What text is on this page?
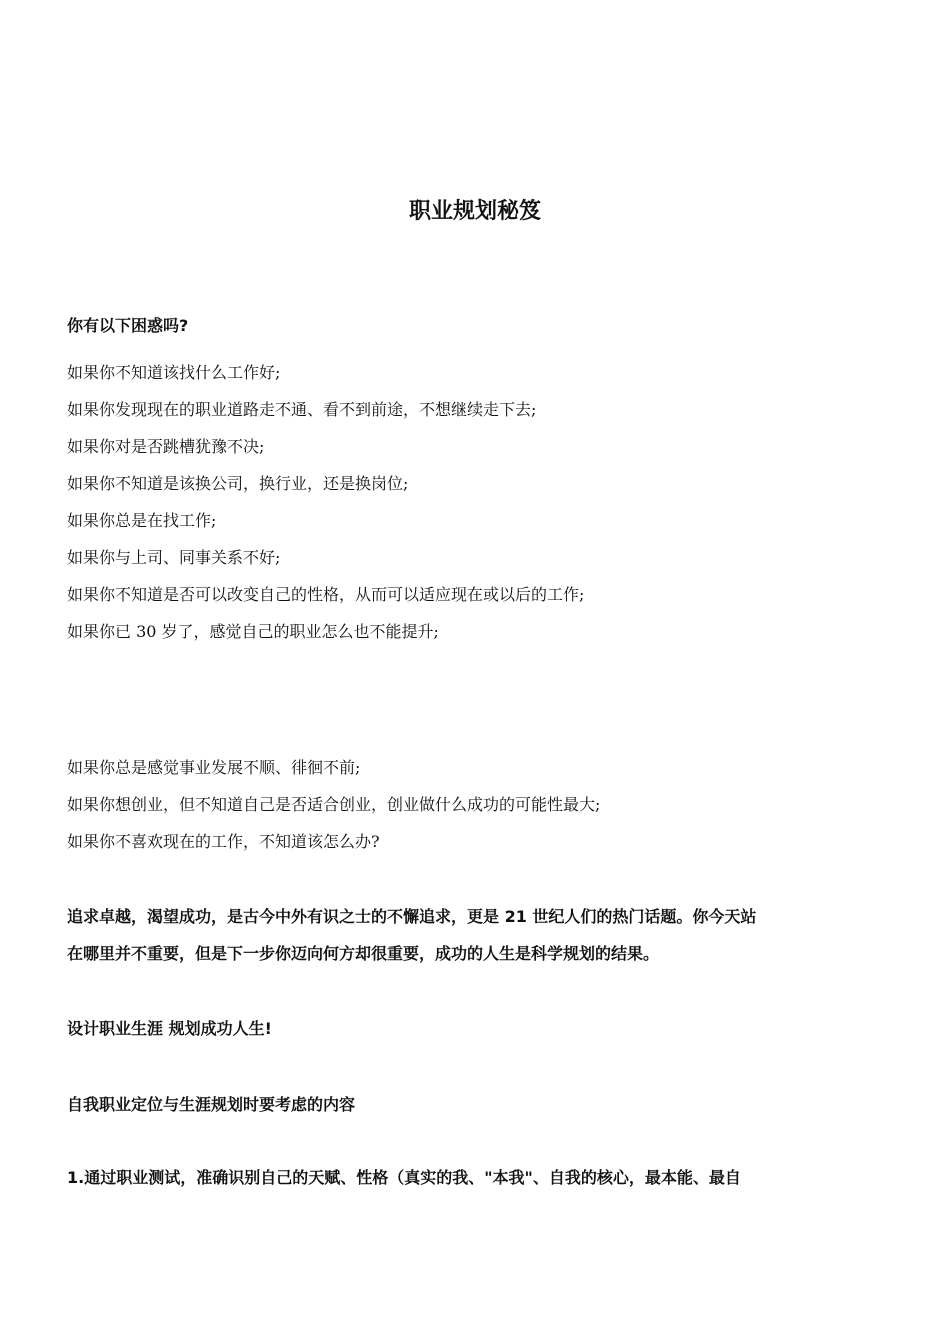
职业规划秘笈
你有以下困惑吗?
如果你不知道该找什么工作好;
如果你发现现在的职业道路走不通、看不到前途，不想继续走下去;
如果你对是否跳槽犹豫不决;
如果你不知道是该换公司，换行业，还是换岗位;
如果你总是在找工作;
如果你与上司、同事关系不好;
如果你不知道是否可以改变自己的性格，从而可以适应现在或以后的工作;
如果你已 30 岁了，感觉自己的职业怎么也不能提升;
如果你总是感觉事业发展不顺、徘徊不前;
如果你想创业，但不知道自己是否适合创业，创业做什么成功的可能性最大;
如果你不喜欢现在的工作，不知道该怎么办?

追求卓越，渴望成功，是古今中外有识之士的不懈追求，更是 21 世纪人们的热门话题。你今天站
在哪里并不重要，但是下一步你迈向何方却很重要，成功的人生是科学规划的结果。

设计职业生涯 规划成功人生!
自我职业定位与生涯规划时要考虑的内容
1.通过职业测试，准确识别自己的天赋、性格（真实的我、"本我"、自我的核心，最本能、最自
